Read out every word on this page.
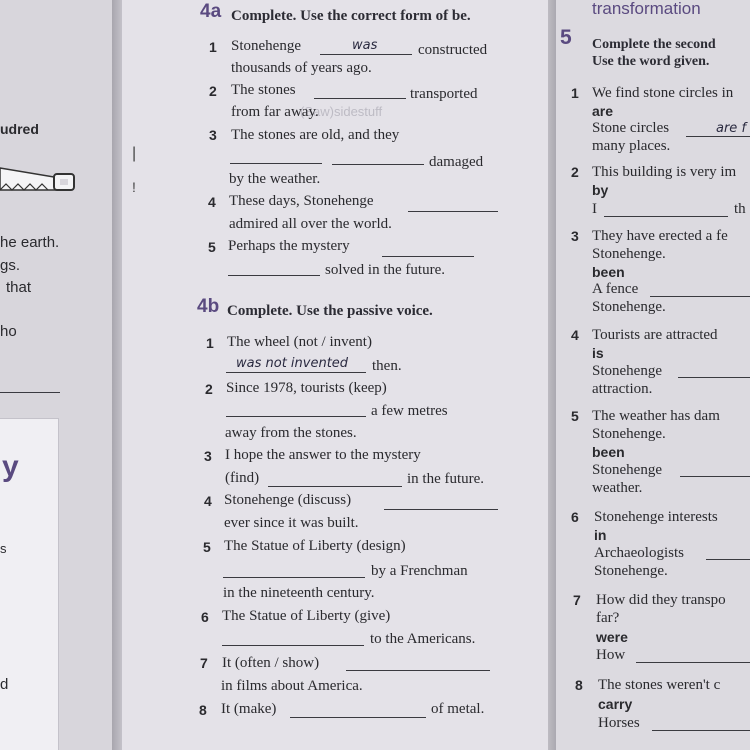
udred
he earth.
gs.
that
ho
y
s
d
(Saw)sidestuff
|
!
4a Complete. Use the correct form of be.
1 Stonehenge	was	constructed
thousands of years ago.
2 The stones	transported
from far away.
3 The stones are old, and they
damaged
by the weather.
4 These days, Stonehenge
admired all over the world.
5 Perhaps the mystery
solved in the future.
4b Complete. Use the passive voice.
1 The wheel (not / invent)
was not invented then.
2 Since 1978, tourists (keep)
a few metres
away from the stones.
3 I hope the answer to the mystery
(find)	in the future.
4 Stonehenge (discuss)
ever since it was built.
5 The Statue of Liberty (design)
by a Frenchman
in the nineteenth century.
6 The Statue of Liberty (give)
to the Americans.
7 It (often / show)
in films about America.
8 It (make)	of metal.
transformation
5 Complete the second
Use the word given.
1 We find stone circles in
are
Stone circles	are f
many places.
2 This building is very im
by
I	th
3 They have erected a fe
Stonehenge.
been
A fence
Stonehenge.
4 Tourists are attracted
is
Stonehenge
attraction.
5 The weather has dam
Stonehenge.
been
Stonehenge
weather.
6 Stonehenge interests
in
Archaeologists
Stonehenge.
7 How did they transpo
far?
were
How
8 The stones weren't c
carry
Horses
